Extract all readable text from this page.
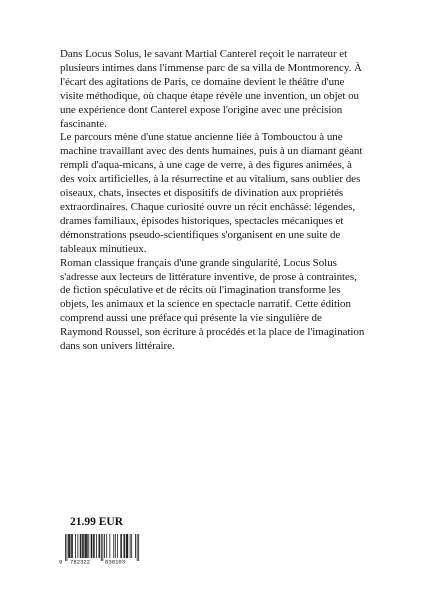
Dans Locus Solus, le savant Martial Canterel reçoit le narrateur et plusieurs intimes dans l'immense parc de sa villa de Montmorency. À l'écart des agitations de Paris, ce domaine devient le théâtre d'une visite méthodique, où chaque étape révèle une invention, un objet ou une expérience dont Canterel expose l'origine avec une précision fascinante.

Le parcours mène d'une statue ancienne liée à Tombouctou à une machine travaillant avec des dents humaines, puis à un diamant géant rempli d'aqua-micans, à une cage de verre, à des figures animées, à des voix artificielles, à la résurrectine et au vitalium, sans oublier des oiseaux, chats, insectes et dispositifs de divination aux propriétés extraordinaires. Chaque curiosité ouvre un récit enchâssé: légendes, drames familiaux, épisodes historiques, spectacles mécaniques et démonstrations pseudo-scientifiques s'organisent en une suite de tableaux minutieux.

Roman classique français d'une grande singularité, Locus Solus s'adresse aux lecteurs de littérature inventive, de prose à contraintes, de fiction spéculative et de récits où l'imagination transforme les objets, les animaux et la science en spectacle narratif. Cette édition comprend aussi une préface qui présente la vie singulière de Raymond Roussel, son écriture à procédés et la place de l'imagination dans son univers littéraire.

21.99 EUR
9 782322	838103
